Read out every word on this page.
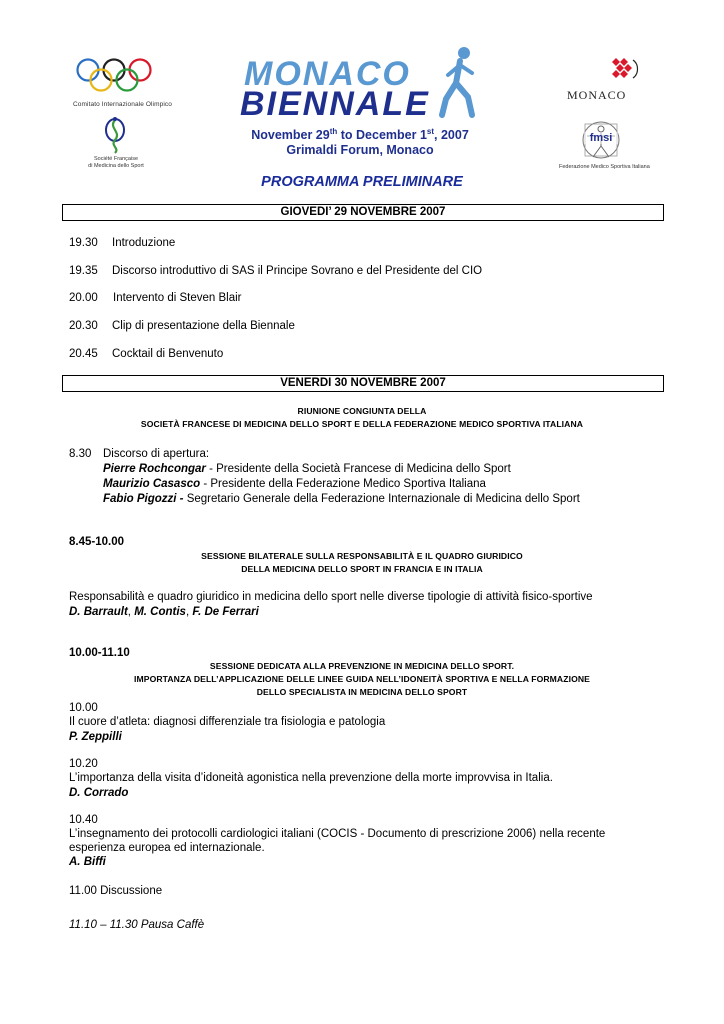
Comitato Internazionale Olimpico
Société Française
di Medicina dello Sport
MONACO
BIENNALE
November 29th to December 1st, 2007
Grimaldi Forum, Monaco
MONACO
fmsi
Federazione Medico Sportiva Italiana
PROGRAMMA PRELIMINARE
GIOVEDI’ 29 NOVEMBRE 2007
19.30 Introduzione
19.35 Discorso introduttivo di SAS il Principe Sovrano e del Presidente del CIO
20.00 Intervento di Steven Blair
20.30 Clip di presentazione della Biennale
20.45 Cocktail di Benvenuto
VENERDI 30 NOVEMBRE 2007
RIUNIONE CONGIUNTA DELLA
SOCIETÀ FRANCESE DI MEDICINA DELLO SPORT E DELLA FEDERAZIONE MEDICO SPORTIVA ITALIANA
8.30 Discorso di apertura:
Pierre Rochcongar - Presidente della Società Francese di Medicina dello Sport
Maurizio Casasco - Presidente della Federazione Medico Sportiva Italiana
Fabio Pigozzi - Segretario Generale della Federazione Internazionale di Medicina dello Sport
8.45-10.00
SESSIONE BILATERALE SULLA RESPONSABILITÀ E IL QUADRO GIURIDICO
DELLA MEDICINA DELLO SPORT IN FRANCIA E IN ITALIA
Responsabilità e quadro giuridico in medicina dello sport nelle diverse tipologie di attività fisico-sportive
D. Barrault, M. Contis, F. De Ferrari
10.00-11.10
SESSIONE DEDICATA ALLA PREVENZIONE IN MEDICINA DELLO SPORT.
IMPORTANZA DELL’APPLICAZIONE DELLE LINEE GUIDA NELL’IDONEITÀ SPORTIVA E NELLA FORMAZIONE
DELLO SPECIALISTA IN MEDICINA DELLO SPORT
10.00
Il cuore d’atleta: diagnosi differenziale tra fisiologia e patologia
P. Zeppilli
10.20
L’importanza della visita d’idoneità agonistica nella prevenzione della morte improvvisa in Italia.
D. Corrado
10.40
L’insegnamento dei protocolli cardiologici italiani (COCIS - Documento di prescrizione 2006) nella recente
esperienza europea ed internazionale.
A. Biffi
11.00 Discussione
11.10 – 11.30 Pausa Caffè
